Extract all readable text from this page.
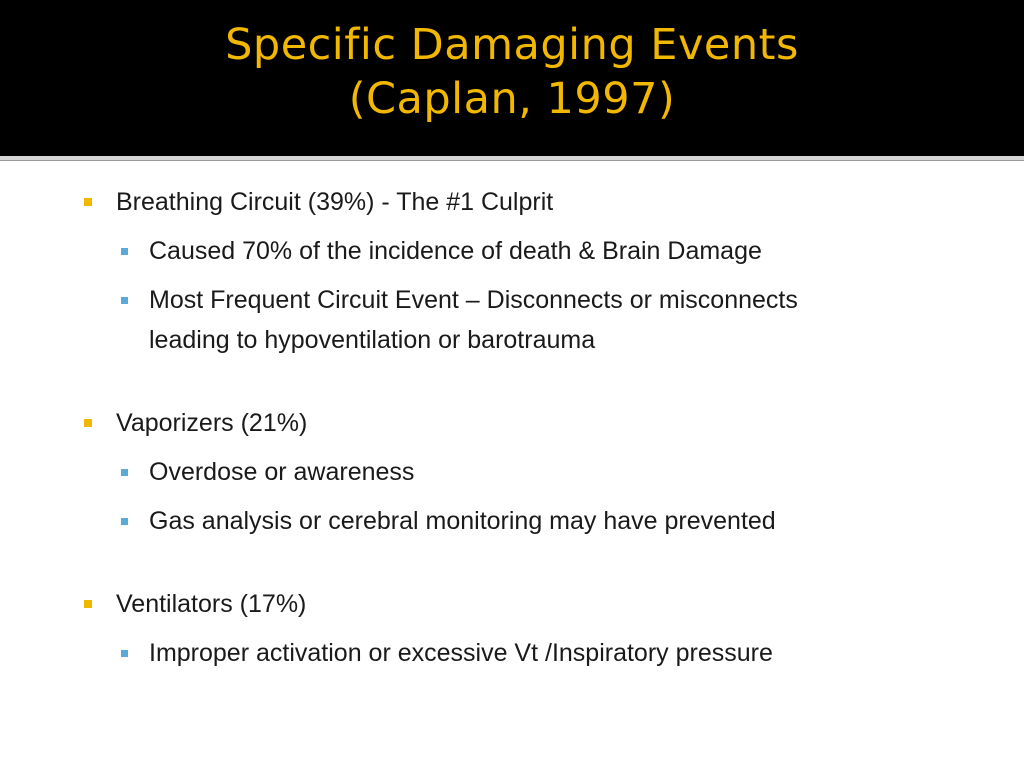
Specific Damaging Events
(Caplan, 1997)
Breathing Circuit (39%) - The #1 Culprit
Caused 70% of the incidence of death & Brain Damage
Most Frequent Circuit Event – Disconnects or misconnects
leading to hypoventilation or barotrauma
Vaporizers (21%)
Overdose or awareness
Gas analysis or cerebral monitoring may have prevented
Ventilators (17%)
Improper activation or excessive Vt /Inspiratory pressure
